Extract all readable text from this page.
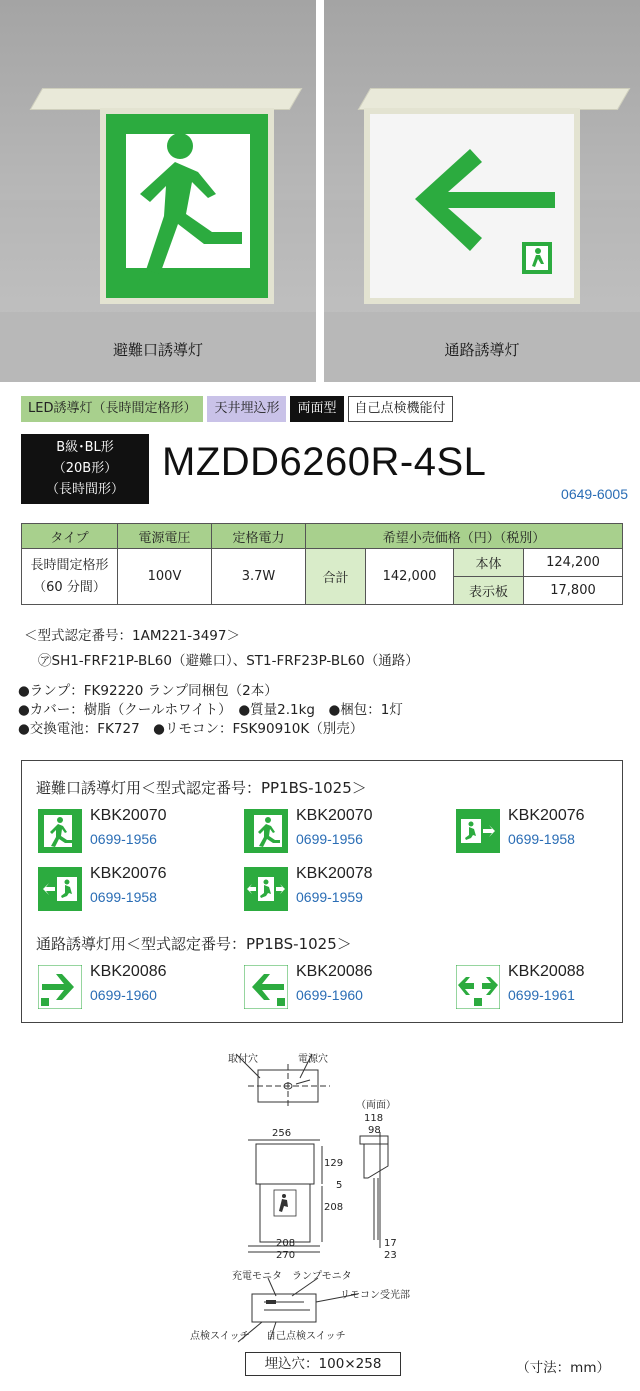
避難口誘導灯	通路誘導灯
LED誘導灯（長時間定格形）	天井埋込形	両面型	自己点検機能付
B級･BL形
（20B形）
（長時間形）
MZDD6260R-4SL
0649-6005
タイプ	電源電圧	定格電力	希望小売価格（円）（税別）			

長時間定格形
（60 分間）	100V	3.7W	合計	142,000	本体	124,200
					表示板	17,800
＜型式認定番号：1AM221-3497＞
㋐SH1-FRF21P-BL60（避難口）、ST1-FRF23P-BL60（通路）
●ランプ：FK92220 ランプ同梱包（2本）
●カバー：樹脂（クールホワイト）　●質量2.1kg　●梱包：1灯
●交換電池：FK727　●リモコン：FSK90910K（別売）
避難口誘導灯用＜型式認定番号：PP1BS-1025＞
KBK20070
0699-1956
KBK20070
0699-1956
KBK20076
0699-1958
KBK20076
0699-1958
KBK20078
0699-1959
通路誘導灯用＜型式認定番号：PP1BS-1025＞
KBK20086
0699-1960
KBK20086
0699-1960
KBK20088
0699-1961
取付穴	電源穴
（両面）
118
98
256
129
5
208
208
270
17
23
充電モニタ ランプモニタ
リモコン受光部
点検スイッチ 自己点検スイッチ
埋込穴：100×258	（寸法：mm）
